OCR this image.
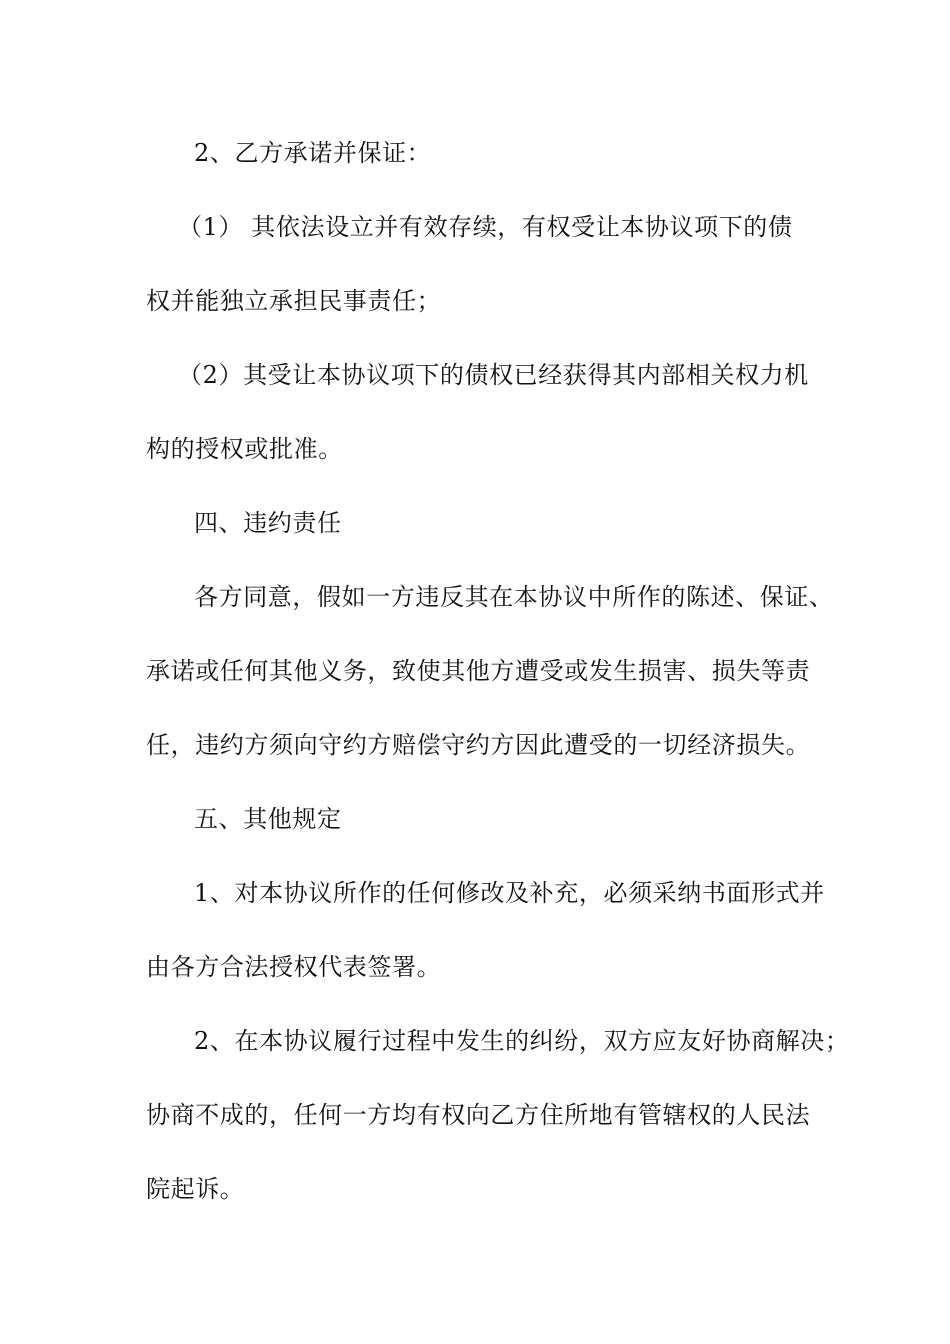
2、乙方承诺并保证：
（1） 其依法设立并有效存续，有权受让本协议项下的债
权并能独立承担民事责任；
（2）其受让本协议项下的债权已经获得其内部相关权力机
构的授权或批准。
四、违约责任
各方同意，假如一方违反其在本协议中所作的陈述、保证、
承诺或任何其他义务，致使其他方遭受或发生损害、损失等责
任，违约方须向守约方赔偿守约方因此遭受的一切经济损失。
五、其他规定
1、对本协议所作的任何修改及补充，必须采纳书面形式并
由各方合法授权代表签署。
2、在本协议履行过程中发生的纠纷，双方应友好协商解决；
协商不成的，任何一方均有权向乙方住所地有管辖权的人民法
院起诉。
